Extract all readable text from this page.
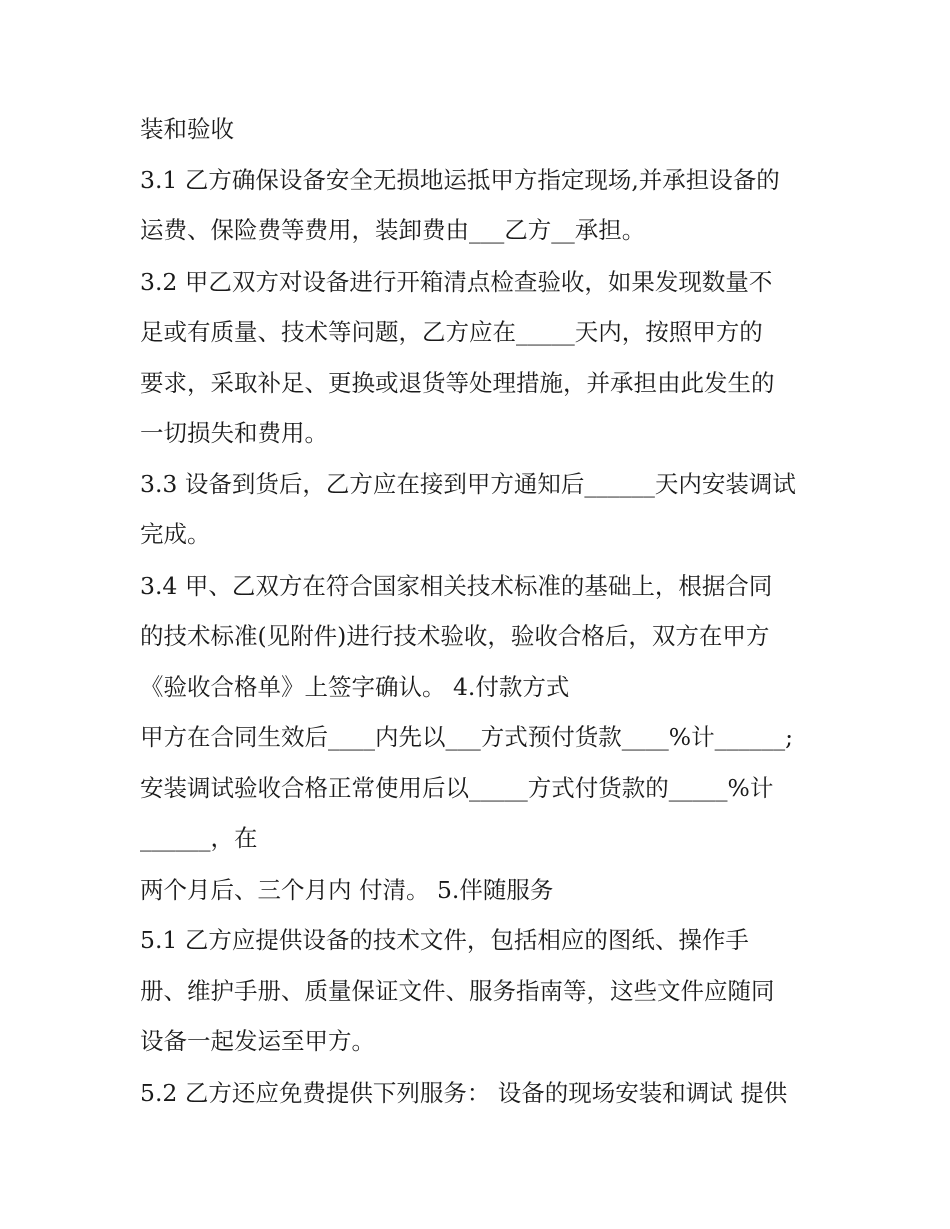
装和验收
3.1 乙方确保设备安全无损地运抵甲方指定现场,并承担设备的
运费、保险费等费用，装卸费由___乙方__承担。
3.2 甲乙双方对设备进行开箱清点检查验收，如果发现数量不
足或有质量、技术等问题，乙方应在_____天内，按照甲方的
要求，采取补足、更换或退货等处理措施，并承担由此发生的
一切损失和费用。
3.3 设备到货后，乙方应在接到甲方通知后______天内安装调试
完成。
3.4 甲、乙双方在符合国家相关技术标准的基础上，根据合同
的技术标准(见附件)进行技术验收，验收合格后，双方在甲方
《验收合格单》上签字确认。 4.付款方式
甲方在合同生效后____内先以___方式预付货款____%计______;
安装调试验收合格正常使用后以_____方式付货款的_____%计
______，在
两个月后、三个月内 付清。 5.伴随服务
5.1 乙方应提供设备的技术文件，包括相应的图纸、操作手
册、维护手册、质量保证文件、服务指南等，这些文件应随同
设备一起发运至甲方。
5.2 乙方还应免费提供下列服务： 设备的现场安装和调试 提供
